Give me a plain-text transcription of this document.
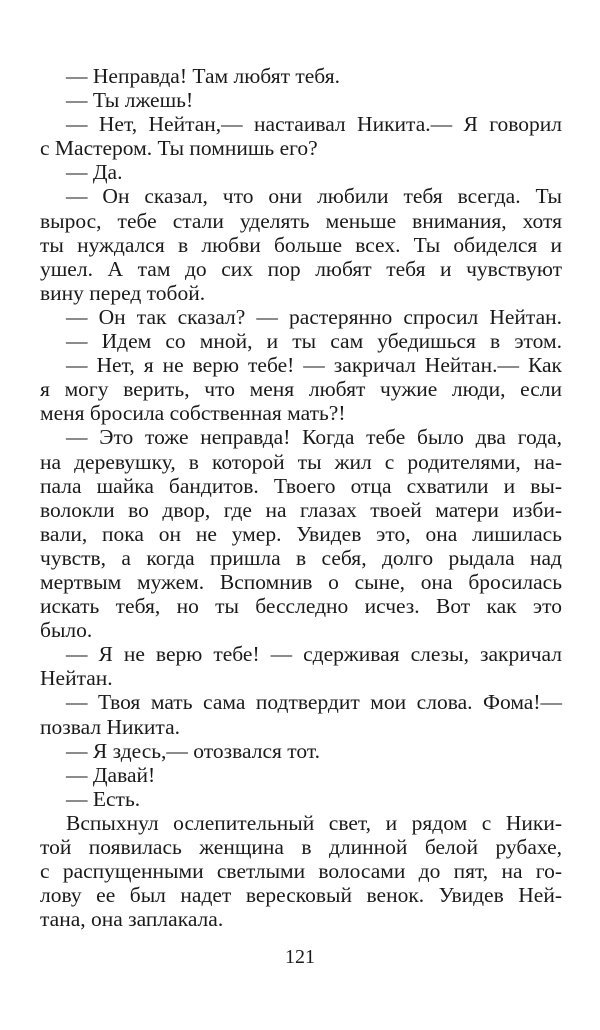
— Неправда! Там любят тебя.
— Ты лжешь!
— Нет, Нейтан,— настаивал Никита.— Я говорил
с Мастером. Ты помнишь его?
— Да.
— Он сказал, что они любили тебя всегда. Ты
вырос, тебе стали уделять меньше внимания, хотя
ты нуждался в любви больше всех. Ты обиделся и
ушел. А там до сих пор любят тебя и чувствуют
вину перед тобой.
— Он так сказал? — растерянно спросил Нейтан.
— Идем со мной, и ты сам убедишься в этом.
— Нет, я не верю тебе! — закричал Нейтан.— Как
я могу верить, что меня любят чужие люди, если
меня бросила собственная мать?!
— Это тоже неправда! Когда тебе было два года,
на деревушку, в которой ты жил с родителями, на-
пала шайка бандитов. Твоего отца схватили и вы-
волокли во двор, где на глазах твоей матери изби-
вали, пока он не умер. Увидев это, она лишилась
чувств, а когда пришла в себя, долго рыдала над
мертвым мужем. Вспомнив о сыне, она бросилась
искать тебя, но ты бесследно исчез. Вот как это
было.
— Я не верю тебе! — сдерживая слезы, закричал
Нейтан.
— Твоя мать сама подтвердит мои слова. Фома!—
позвал Никита.
— Я здесь,— отозвался тот.
— Давай!
— Есть.
Вспыхнул ослепительный свет, и рядом с Ники-
той появилась женщина в длинной белой рубахе,
с распущенными светлыми волосами до пят, на го-
лову ее был надет вересковый венок. Увидев Ней-
тана, она заплакала.
121
